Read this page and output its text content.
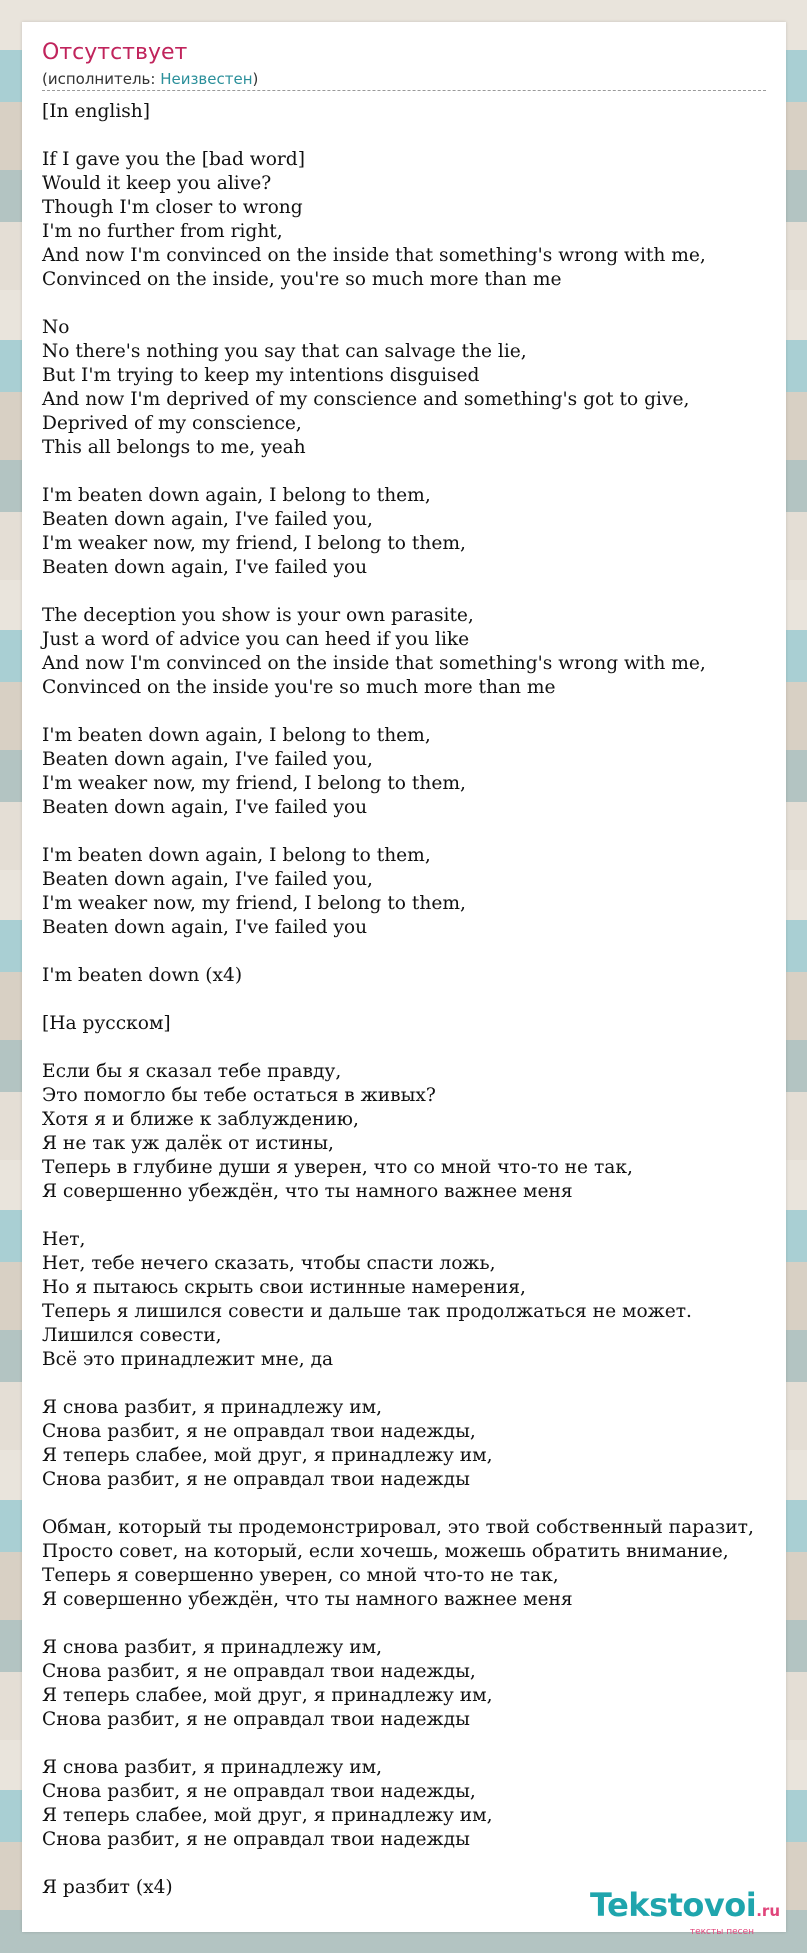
Отсутствует
(исполнитель: Неизвестен)
[In english]

If I gave you the [bad word]
Would it keep you alive?
Though I'm closer to wrong
I'm no further from right,
And now I'm convinced on the inside that something's wrong with me,
Convinced on the inside, you're so much more than me

No
No there's nothing you say that can salvage the lie,
But I'm trying to keep my intentions disguised
And now I'm deprived of my conscience and something's got to give,
Deprived of my conscience,
This all belongs to me, yeah

I'm beaten down again, I belong to them,
Beaten down again, I've failed you,
I'm weaker now, my friend, I belong to them,
Beaten down again, I've failed you

The deception you show is your own parasite,
Just a word of advice you can heed if you like
And now I'm convinced on the inside that something's wrong with me,
Convinced on the inside you're so much more than me

I'm beaten down again, I belong to them,
Beaten down again, I've failed you,
I'm weaker now, my friend, I belong to them,
Beaten down again, I've failed you

I'm beaten down again, I belong to them,
Beaten down again, I've failed you,
I'm weaker now, my friend, I belong to them,
Beaten down again, I've failed you

I'm beaten down (x4)

[На русском]

Если бы я сказал тебе правду,
Это помогло бы тебе остаться в живых?
Хотя я и ближе к заблуждению,
Я не так уж далёк от истины,
Теперь в глубине души я уверен, что со мной что-то не так,
Я совершенно убеждён, что ты намного важнее меня

Нет,
Нет, тебе нечего сказать, чтобы спасти ложь,
Но я пытаюсь скрыть свои истинные намерения,
Теперь я лишился совести и дальше так продолжаться не может.
Лишился совести,
Всё это принадлежит мне, да

Я снова разбит, я принадлежу им,
Снова разбит, я не оправдал твои надежды,
Я теперь слабее, мой друг, я принадлежу им,
Снова разбит, я не оправдал твои надежды

Обман, который ты продемонстрировал, это твой собственный паразит,
Просто совет, на который, если хочешь, можешь обратить внимание,
Теперь я совершенно уверен, со мной что-то не так,
Я совершенно убеждён, что ты намного важнее меня

Я снова разбит, я принадлежу им,
Снова разбит, я не оправдал твои надежды,
Я теперь слабее, мой друг, я принадлежу им,
Снова разбит, я не оправдал твои надежды

Я снова разбит, я принадлежу им,
Снова разбит, я не оправдал твои надежды,
Я теперь слабее, мой друг, я принадлежу им,
Снова разбит, я не оправдал твои надежды

Я разбит (x4)	Tekstovoi.ru
тексты песен
